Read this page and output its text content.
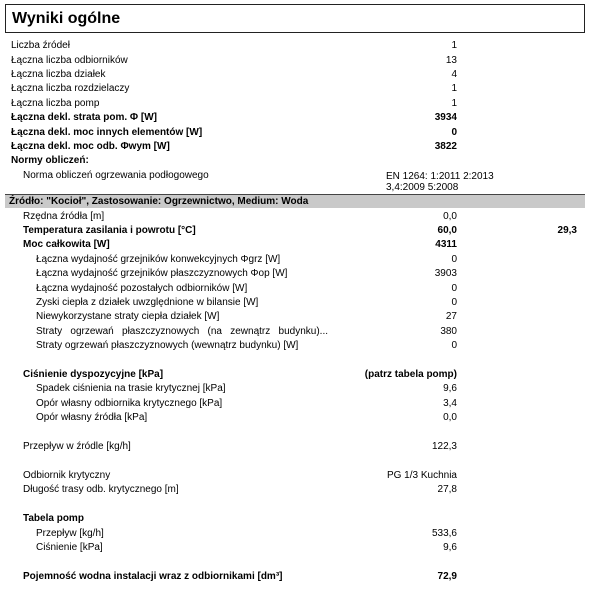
Wyniki ogólne
Liczba źródeł	1
Łączna liczba odbiorników	13
Łączna liczba działek	4
Łączna liczba rozdzielaczy	1
Łączna liczba pomp	1
Łączna dekl. strata pom. Φ [W]	3934
Łączna dekl. moc innych elementów [W]	0
Łączna dekl. moc odb. Φwym [W]	3822
Normy obliczeń:
Norma obliczeń ogrzewania podłogowego	EN 1264: 1:2011 2:2013
3,4:2009 5:2008
Źródło: "Kocioł", Zastosowanie: Ogrzewnictwo, Medium: Woda
Rzędna źródła [m]	0,0
Temperatura zasilania i powrotu [°C]	60,0	29,3
Moc całkowita [W]	4311
Łączna wydajność grzejników konwekcyjnych Φgrz [W]	0
Łączna wydajność grzejników płaszczyznowych Φop [W]	3903
Łączna wydajność pozostałych odbiorników [W]	0
Zyski ciepła z działek uwzględnione w bilansie [W]	0
Niewykorzystane straty ciepła działek [W]	27
Straty ogrzewań płaszczyznowych (na zewnątrz budynku)...	380
Straty ogrzewań płaszczyznowych (wewnątrz budynku) [W]	0
Ciśnienie dyspozycyjne [kPa]	(patrz tabela pomp)
Spadek ciśnienia na trasie krytycznej [kPa]	9,6
Opór własny odbiornika krytycznego [kPa]	3,4
Opór własny źródła [kPa]	0,0
Przepływ w źródle [kg/h]	122,3
Odbiornik krytyczny	PG 1/3 Kuchnia
Długość trasy odb. krytycznego [m]	27,8
Tabela pomp
Przepływ [kg/h]	533,6
Ciśnienie [kPa]	9,6
Pojemność wodna instalacji wraz z odbiornikami [dm³]	72,9
